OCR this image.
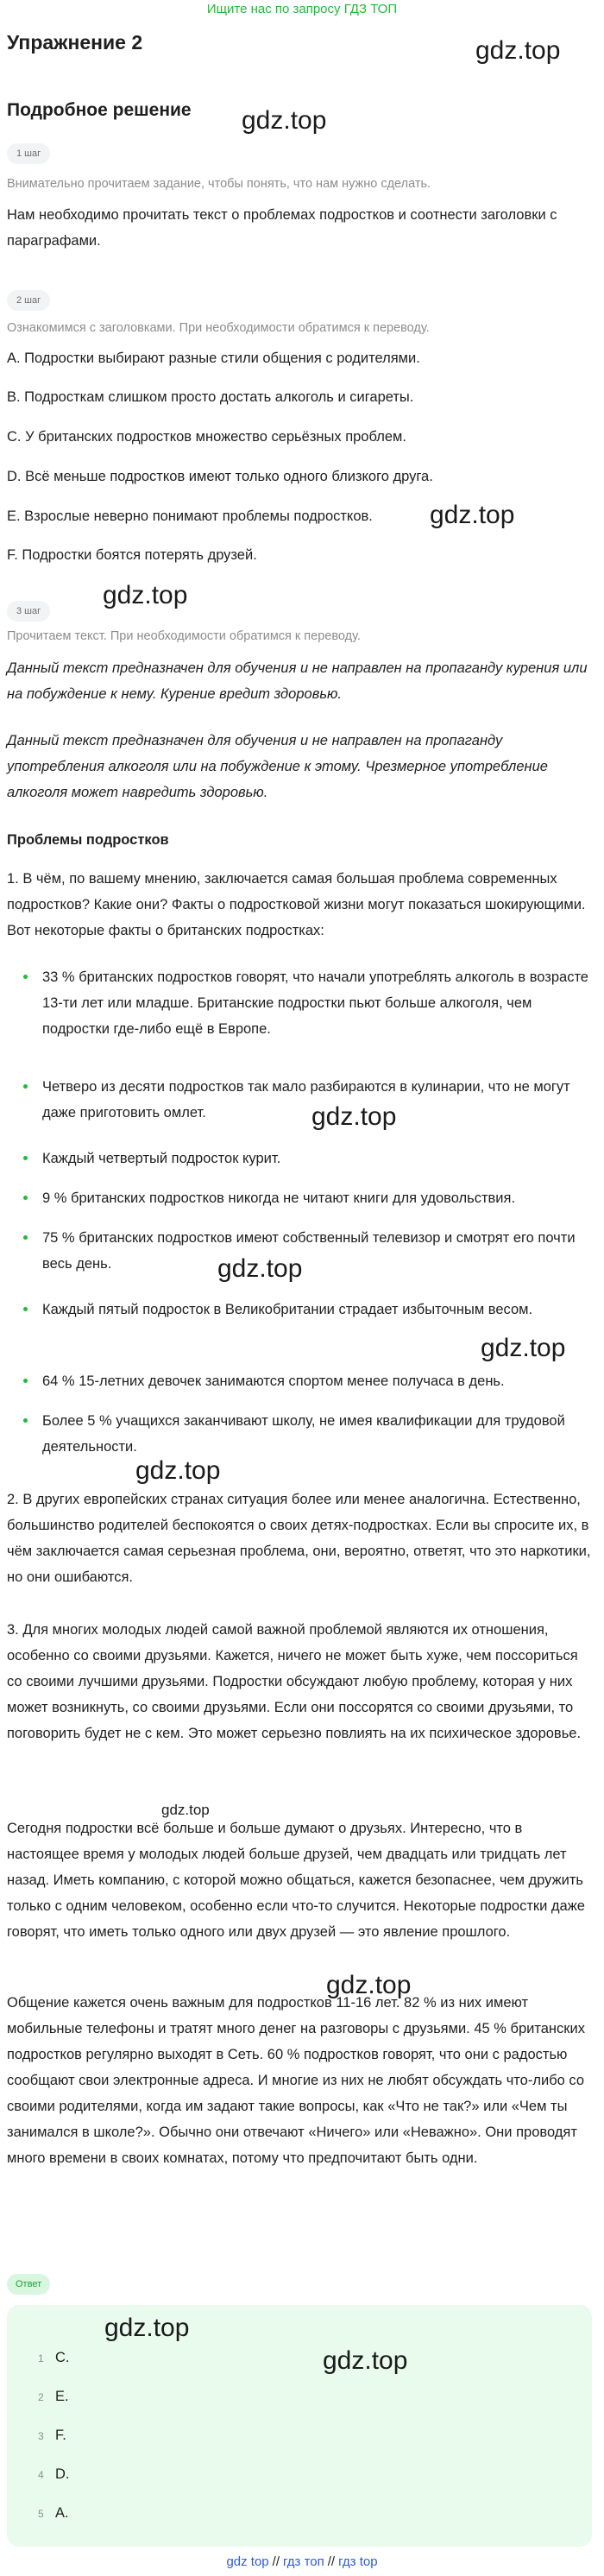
Ищите нас по запросу ГДЗ ТОП
Упражнение 2	gdz.top
Подробное решение gdz.top
1 шаг
Внимательно прочитаем задание, чтобы понять, что нам нужно сделать.
Нам необходимо прочитать текст о проблемах подростков и соотнести заголовки с параграфами.
2 шаг
Ознакомимся с заголовками. При необходимости обратимся к переводу.
A. Подростки выбирают разные стили общения с родителями.
B. Подросткам слишком просто достать алкоголь и сигареты.
C. У британских подростков множество серьёзных проблем.
D. Всё меньше подростков имеют только одного близкого друга.
E. Взрослые неверно понимают проблемы подростков.	gdz.top
F. Подростки боятся потерять друзей.
gdz.top
3 шаг
Прочитаем текст. При необходимости обратимся к переводу.
Данный текст предназначен для обучения и не направлен на пропаганду курения или на побуждение к нему. Курение вредит здоровью.
Данный текст предназначен для обучения и не направлен на пропаганду употребления алкоголя или на побуждение к этому. Чрезмерное употребление алкоголя может навредить здоровью.
Проблемы подростков
1. В чём, по вашему мнению, заключается самая большая проблема современных подростков? Какие они? Факты о подростковой жизни могут показаться шокирующими. Вот некоторые факты о британских подростках:
33 % британских подростков говорят, что начали употреблять алкоголь в возрасте 13-ти лет или младше. Британские подростки пьют больше алкоголя, чем подростки где-либо ещё в Европе.
Четверо из десяти подростков так мало разбираются в кулинарии, что не могут даже приготовить омлет.
Каждый четвертый подросток курит.
9 % британских подростков никогда не читают книги для удовольствия.
75 % британских подростков имеют собственный телевизор и смотрят его почти весь день.
Каждый пятый подросток в Великобритании страдает избыточным весом.
64 % 15-летних девочек занимаются спортом менее получаса в день.
Более 5 % учащихся заканчивают школу, не имея квалификации для трудовой деятельности.
gdz.top
gdz.top
gdz.top
gdz.top
2. В других европейских странах ситуация более или менее аналогична. Естественно, большинство родителей беспокоятся о своих детях-подростках. Если вы спросите их, в чём заключается самая серьезная проблема, они, вероятно, ответят, что это наркотики, но они ошибаются.
3. Для многих молодых людей самой важной проблемой являются их отношения, особенно со своими друзьями. Кажется, ничего не может быть хуже, чем поссориться со своими лучшими друзьями. Подростки обсуждают любую проблему, которая у них может возникнуть, со своими друзьями. Если они поссорятся со своими друзьями, то поговорить будет не с кем. Это может серьезно повлиять на их психическое здоровье.
gdz.top
Сегодня подростки всё больше и больше думают о друзьях. Интересно, что в настоящее время у молодых людей больше друзей, чем двадцать или тридцать лет назад. Иметь компанию, с которой можно общаться, кажется безопаснее, чем дружить только с одним человеком, особенно если что-то случится. Некоторые подростки даже говорят, что иметь только одного или двух друзей — это явление прошлого.
gdz.top
Общение кажется очень важным для подростков 11-16 лет. 82 % из них имеют мобильные телефоны и тратят много денег на разговоры с друзьями. 45 % британских подростков регулярно выходят в Сеть. 60 % подростков говорят, что они с радостью сообщают свои электронные адреса. И многие из них не любят обсуждать что-либо со своими родителями, когда им задают такие вопросы, как «Что не так?» или «Чем ты занимался в школе?». Обычно они отвечают «Ничего» или «Неважно». Они проводят много времени в своих комнатах, потому что предпочитают быть одни.
Ответ
gdz.top
gdz.top
1 C.
2 E.
3 F.
4 D.
5 A.
gdz top // гдз топ // гдз top
